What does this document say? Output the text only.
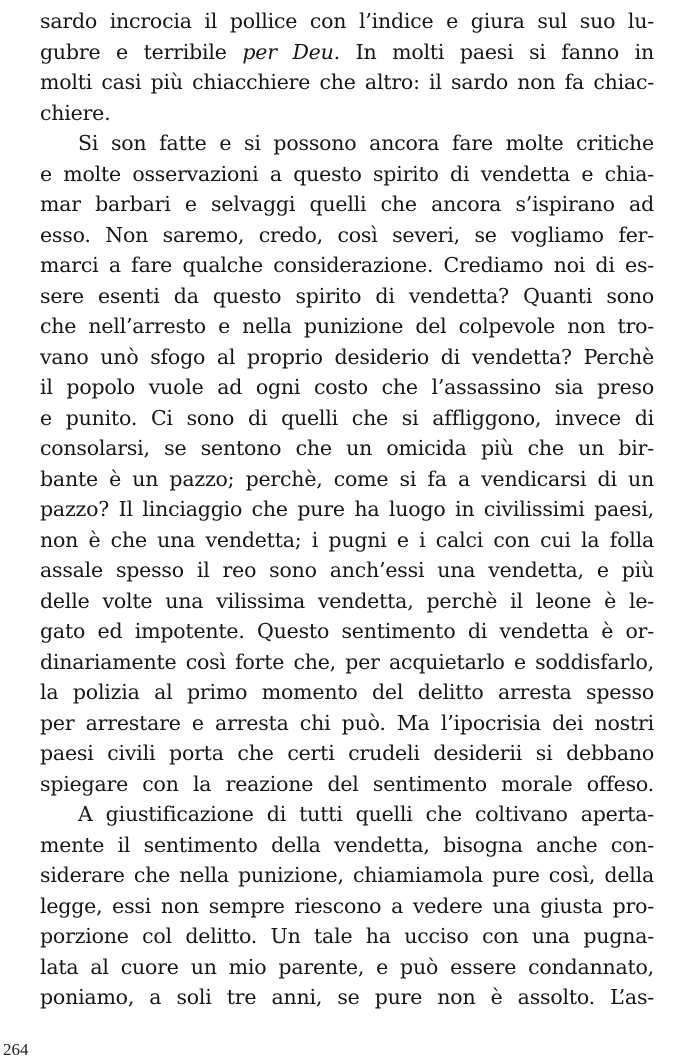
sardo incrocia il pollice con l’indice e giura sul suo lu-
gubre e terribile per Deu. In molti paesi si fanno in
molti casi più chiacchiere che altro: il sardo non fa chiac-
chiere.
Si son fatte e si possono ancora fare molte critiche
e molte osservazioni a questo spirito di vendetta e chia-
mar barbari e selvaggi quelli che ancora s’ispirano ad
esso. Non saremo, credo, così severi, se vogliamo fer-
marci a fare qualche considerazione. Crediamo noi di es-
sere esenti da questo spirito di vendetta? Quanti sono
che nell’arresto e nella punizione del colpevole non tro-
vano unò sfogo al proprio desiderio di vendetta? Perchè
il popolo vuole ad ogni costo che l’assassino sia preso
e punito. Ci sono di quelli che si affliggono, invece di
consolarsi, se sentono che un omicida più che un bir-
bante è un pazzo; perchè, come si fa a vendicarsi di un
pazzo? Il linciaggio che pure ha luogo in civilissimi paesi,
non è che una vendetta; i pugni e i calci con cui la folla
assale spesso il reo sono anch’essi una vendetta, e più
delle volte una vilissima vendetta, perchè il leone è le-
gato ed impotente. Questo sentimento di vendetta è or-
dinariamente così forte che, per acquietarlo e soddisfarlo,
la polizia al primo momento del delitto arresta spesso
per arrestare e arresta chi può. Ma l’ipocrisia dei nostri
paesi civili porta che certi crudeli desiderii si debbano
spiegare con la reazione del sentimento morale offeso.
A giustificazione di tutti quelli che coltivano aperta-
mente il sentimento della vendetta, bisogna anche con-
siderare che nella punizione, chiamiamola pure così, della
legge, essi non sempre riescono a vedere una giusta pro-
porzione col delitto. Un tale ha ucciso con una pugna-
lata al cuore un mio parente, e può essere condannato,
poniamo, a soli tre anni, se pure non è assolto. L’as-
264
